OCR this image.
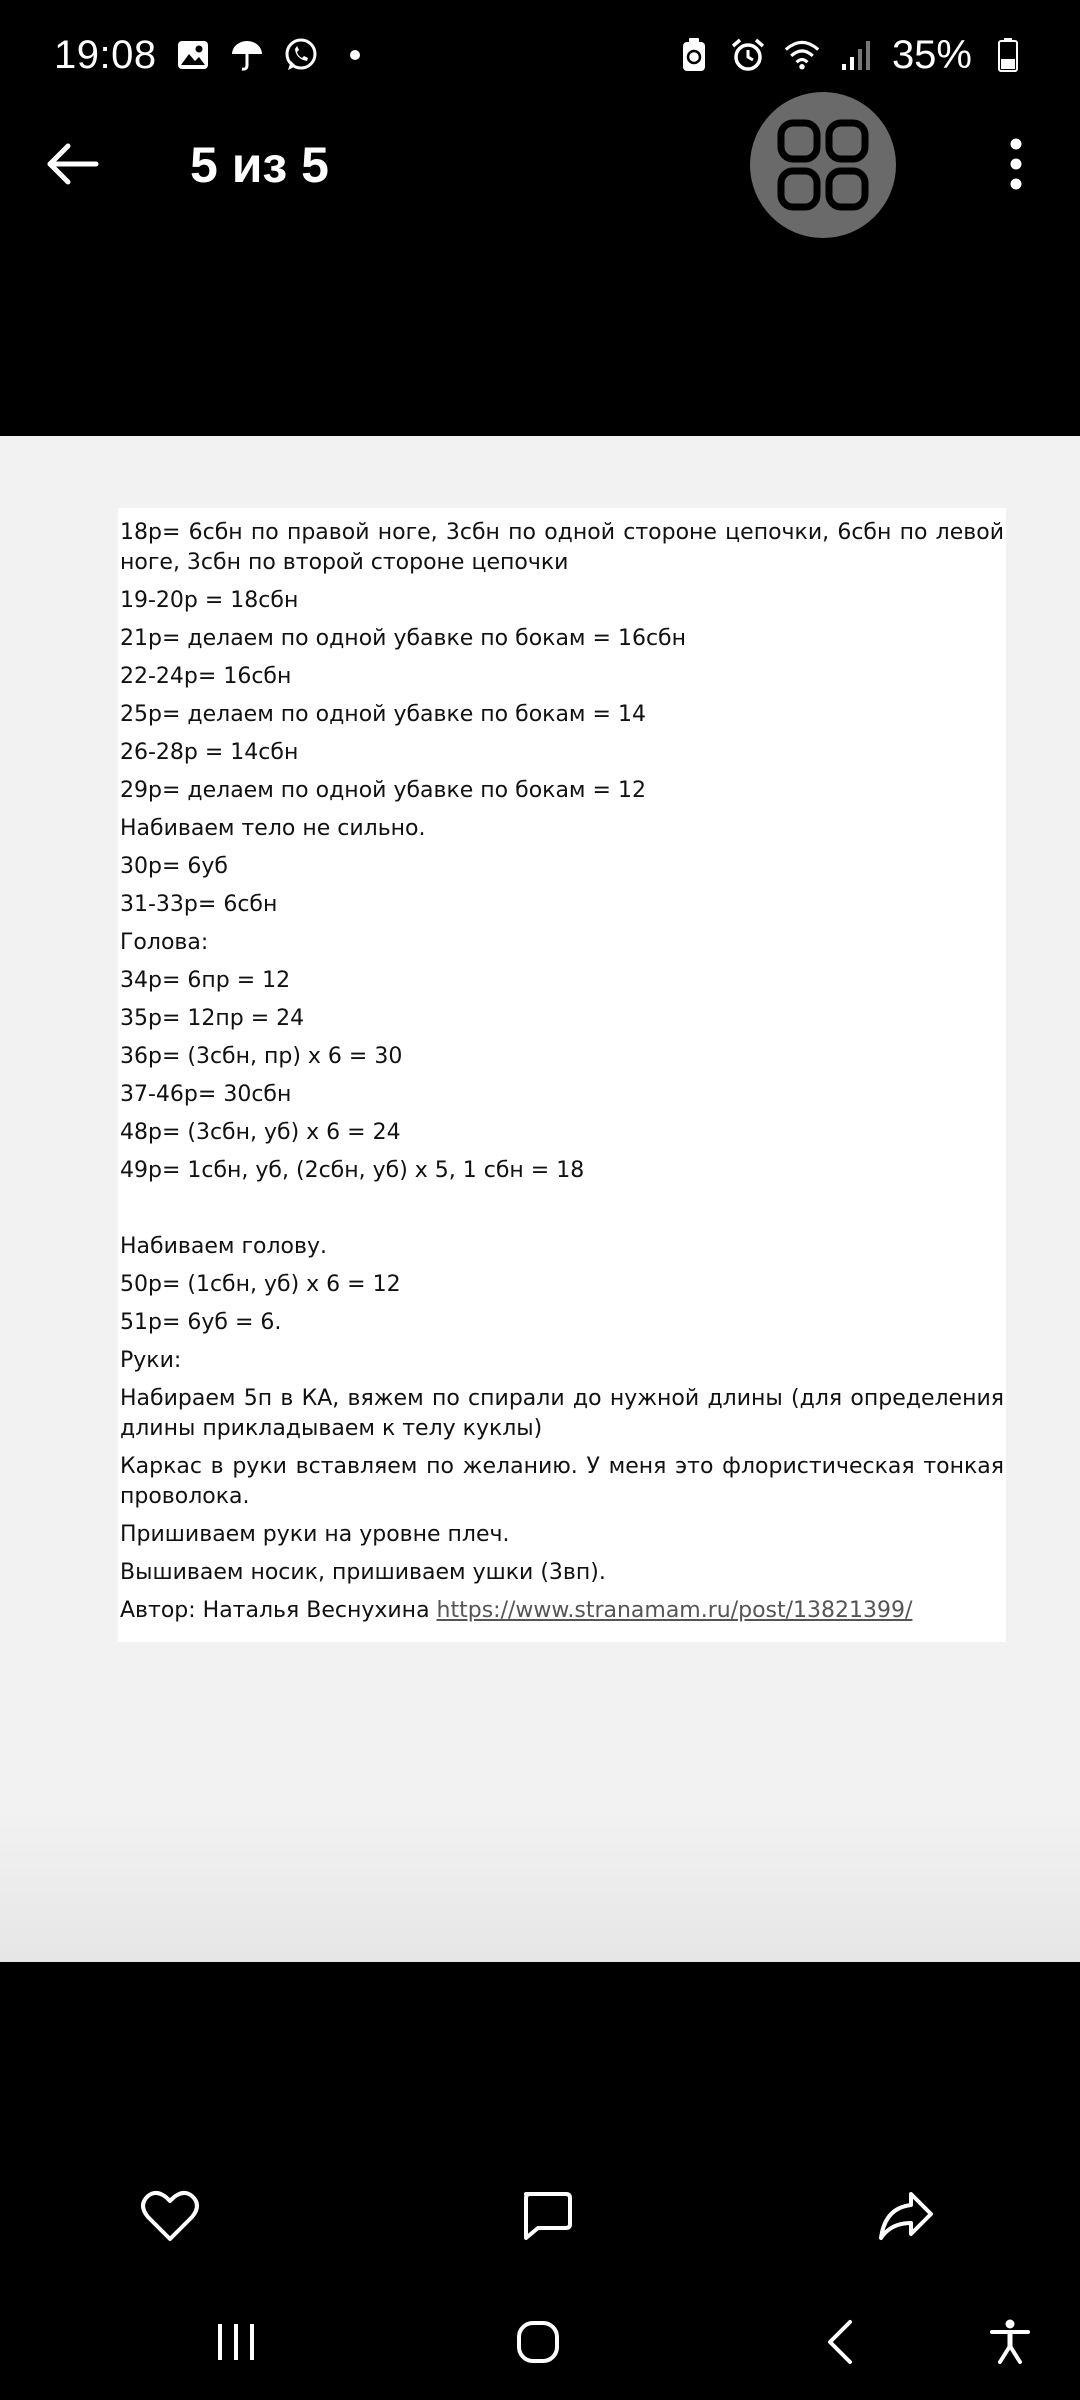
19:08	35%
5 из 5
18р= 6сбн по правой ноге, 3сбн по одной стороне цепочки, 6сбн по левой ноге, 3сбн по второй стороне цепочки
19-20р = 18сбн
21р= делаем по одной убавке по бокам = 16сбн
22-24р= 16сбн
25р= делаем по одной убавке по бокам = 14
26-28р = 14сбн
29р= делаем по одной убавке по бокам = 12
Набиваем тело не сильно.
30р= 6уб
31-33р= 6сбн
Голова:
34р= 6пр = 12
35р= 12пр = 24
36р= (3сбн, пр) х 6 = 30
37-46р= 30сбн
48р= (3сбн, уб) х 6 = 24
49р= 1сбн, уб, (2сбн, уб) х 5, 1 сбн = 18
Набиваем голову.
50р= (1сбн, уб) х 6 = 12
51р= 6уб = 6.
Руки:
Набираем 5п в КА, вяжем по спирали до нужной длины (для определения длины прикладываем к телу куклы)
Каркас в руки вставляем по желанию. У меня это флористическая тонкая проволока.
Пришиваем руки на уровне плеч.
Вышиваем носик, пришиваем ушки (3вп).
Автор: Наталья Веснухина https://www.stranamam.ru/post/13821399/
